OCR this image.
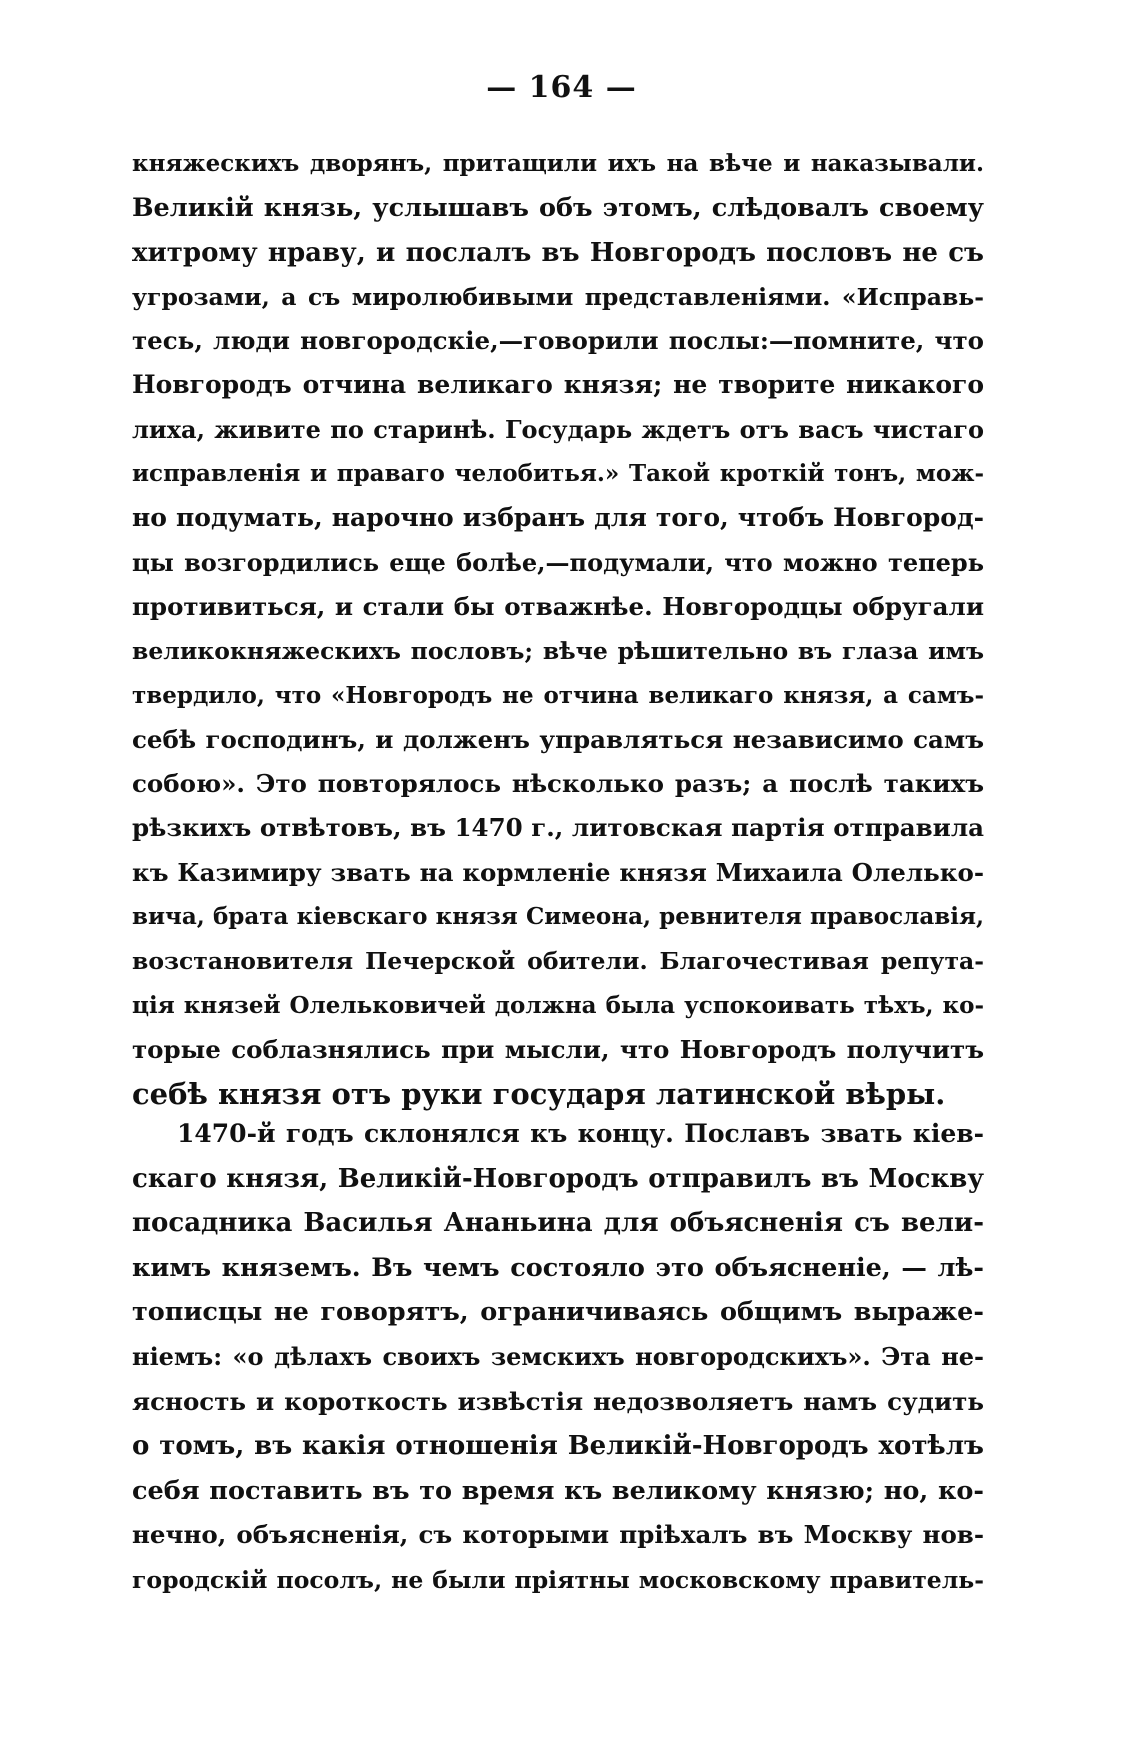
— 164 —
княжескихъ дворянъ, притащили ихъ на вѣче и наказывали.
Великій князь, услышавъ объ этомъ, слѣдовалъ своему
хитрому нраву, и послалъ въ Новгородъ пословъ не съ
угрозами, а съ миролюбивыми представленіями. «Исправь-
тесь, люди новгородскіе,—говорили послы:—помните, что
Новгородъ отчина великаго князя; не творите никакого
лиха, живите по старинѣ. Государь ждетъ отъ васъ чистаго
исправленія и праваго челобитья.» Такой кроткій тонъ, мож-
но подумать, нарочно избранъ для того, чтобъ Новгород-
цы возгордились еще болѣе,—подумали, что можно теперь
противиться, и стали бы отважнѣе. Новгородцы обругали
великокняжескихъ пословъ; вѣче рѣшительно въ глаза имъ
твердило, что «Новгородъ не отчина великаго князя, а самъ-
себѣ господинъ, и долженъ управляться независимо самъ
собою». Это повторялось нѣсколько разъ; а послѣ такихъ
рѣзкихъ отвѣтовъ, въ 1470 г., литовская партія отправила
къ Казимиру звать на кормленіе князя Михаила Олелько-
вича, брата кіевскаго князя Симеона, ревнителя православія,
возстановителя Печерской обители. Благочестивая репута-
ція князей Олельковичей должна была успокоивать тѣхъ, ко-
торые соблазнялись при мысли, что Новгородъ получитъ
себѣ князя отъ руки государя латинской вѣры.
1470-й годъ склонялся къ концу. Пославъ звать кіев-
скаго князя, Великій-Новгородъ отправилъ въ Москву
посадника Василья Ананьина для объясненія съ вели-
кимъ княземъ. Въ чемъ состояло это объясненіе, — лѣ-
тописцы не говорятъ, ограничиваясь общимъ выраже-
ніемъ: «о дѣлахъ своихъ земскихъ новгородскихъ». Эта не-
ясность и короткость извѣстія недозволяетъ намъ судить
о томъ, въ какія отношенія Великій-Новгородъ хотѣлъ
себя поставить въ то время къ великому князю; но, ко-
нечно, объясненія, съ которыми пріѣхалъ въ Москву нов-
городскій посолъ, не были пріятны московскому правитель-
